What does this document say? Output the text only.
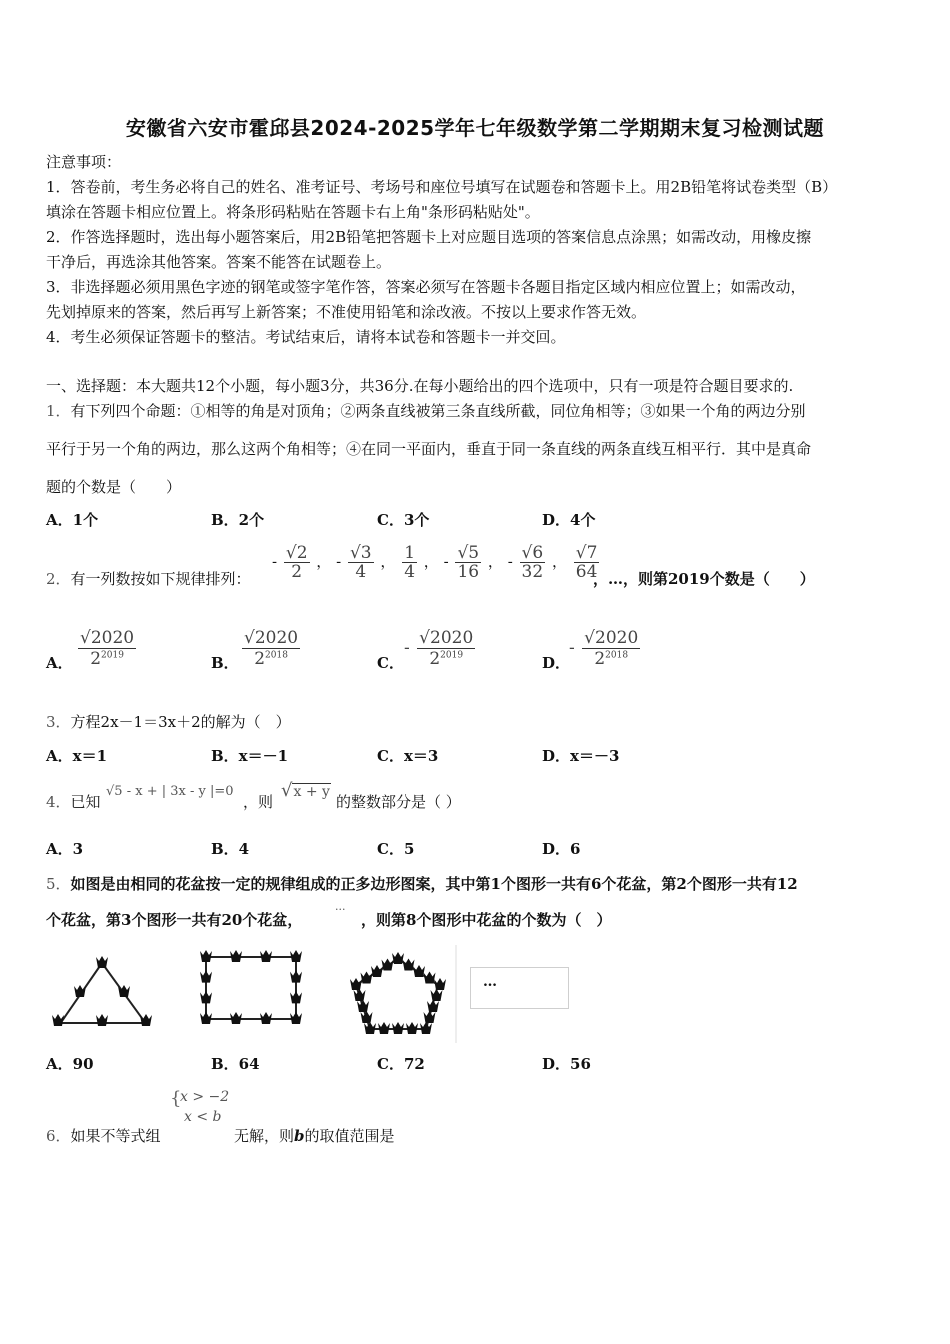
安徽省六安市霍邱县2024-2025学年七年级数学第二学期期末复习检测试题
注意事项：
1．答卷前，考生务必将自己的姓名、准考证号、考场号和座位号填写在试题卷和答题卡上。用2B铅笔将试卷类型（B）
填涂在答题卡相应位置上。将条形码粘贴在答题卡右上角"条形码粘贴处"。
2．作答选择题时，选出每小题答案后，用2B铅笔把答题卡上对应题目选项的答案信息点涂黑；如需改动，用橡皮擦
干净后，再选涂其他答案。答案不能答在试题卷上。
3．非选择题必须用黑色字迹的钢笔或签字笔作答，答案必须写在答题卡各题目指定区域内相应位置上；如需改动，
先划掉原来的答案，然后再写上新答案；不准使用铅笔和涂改液。不按以上要求作答无效。
4．考生必须保证答题卡的整洁。考试结束后，请将本试卷和答题卡一并交回。
一、选择题：本大题共12个小题，每小题3分，共36分.在每小题给出的四个选项中，只有一项是符合题目要求的.
1．有下列四个命题：①相等的角是对顶角；②两条直线被第三条直线所截，同位角相等；③如果一个角的两边分别
平行于另一个角的两边，那么这两个角相等；④在同一平面内，垂直于同一条直线的两条直线互相平行．其中是真命
题的个数是（　　）
A．1个	B．2个	C．3个	D．4个
2．有一列数按如下规律排列：
- $\frac{√2}{2}$ ， - $\frac{√3}{4}$ ， $\frac{1}{4}$ ， - $\frac{√5}{16}$ ， - $\frac{√6}{32}$ ， $\frac{√7}{64}$
，…，则第2019个数是（　　）
A． $\frac{√2020}{2^{2019}}$	B． $\frac{√2020}{2^{2018}}$	C．
- $\frac{√2020}{2^{2019}}$	D．
- $\frac{√2020}{2^{2018}}$
3．方程2x－1＝3x＋2的解为（　）
A．x＝1	B．x＝－1	C．x＝3	D．x＝－3
4．已知
√5 - x + | 3x - y |=0
，则
√x + y
的整数部分是（ ）
A．3	B．4	C．5	D．6
5．如图是由相同的花盆按一定的规律组成的正多边形图案，其中第1个图形一共有6个花盆，第2个图形一共有12
个花盆，第3个图形一共有20个花盆，
···
，则第8个图形中花盆的个数为（　）
…
A．90	B．64	C．72	D．56
6．如果不等式组
{
x > −2
x < b
无解，则b的取值范围是
